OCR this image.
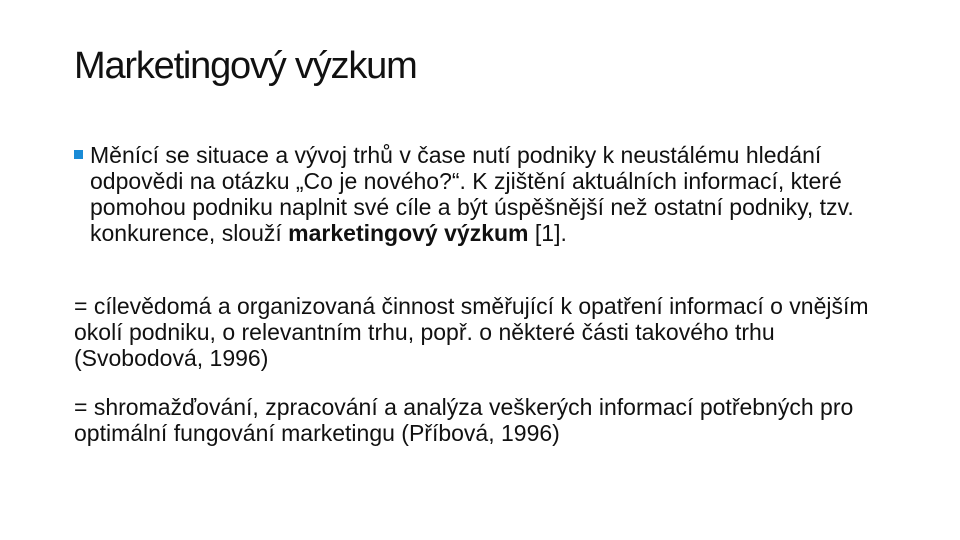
Marketingový výzkum
Měnící se situace a vývoj trhů v čase nutí podniky k neustálému hledání odpovědi na otázku „Co je nového?“. K zjištění aktuálních informací, které pomohou podniku naplnit své cíle a být úspěšnější než ostatní podniky, tzv. konkurence, slouží marketingový výzkum [1].
= cílevědomá a organizovaná činnost směřující k opatření informací o vnějším okolí podniku, o relevantním trhu, popř. o některé části takového trhu (Svobodová, 1996)
= shromažďování, zpracování a analýza veškerých informací potřebných pro optimální fungování marketingu (Příbová, 1996)
